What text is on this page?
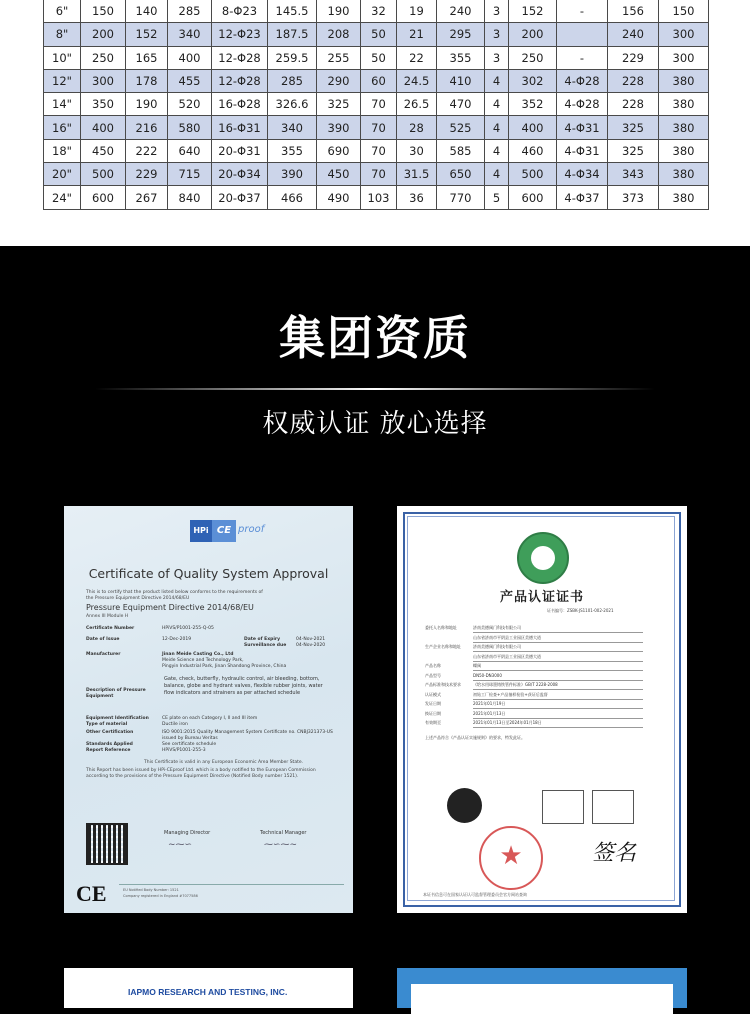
6"	150	140	285	8-Φ23	145.5	190	32	19	240	3	152	-	156	150
8"	200	152	340	12-Φ23	187.5	208	50	21	295	3	200		240	300
10"	250	165	400	12-Φ28	259.5	255	50	22	355	3	250	-	229	300
12"	300	178	455	12-Φ28	285	290	60	24.5	410	4	302	4-Φ28	228	380
14"	350	190	520	16-Φ28	326.6	325	70	26.5	470	4	352	4-Φ28	228	380
16"	400	216	580	16-Φ31	340	390	70	28	525	4	400	4-Φ31	325	380
18"	450	222	640	20-Φ31	355	690	70	30	585	4	460	4-Φ31	325	380
20"	500	229	715	20-Φ34	390	450	70	31.5	650	4	500	4-Φ34	343	380
24"	600	267	840	20-Φ37	466	490	103	36	770	5	600	4-Φ37	373	380
集团资质
权威认证 放心选择
HPi CE proof
Certificate of Quality System Approval
This is to certify that the product listed below conforms to the requirements of
the Pressure Equipment Directive 2014/68/EU
Pressure Equipment Directive 2014/68/EU
Annex III Module H
Certificate Number	HPiVS/P1001-255-Q-05
Date of Issue	12-Dec-2019	Date of Expiry	04-Nov-2021
Surveillance due 04-Nov-2020
Manufacturer	Jinan Meide Casting Co., Ltd
Meide Science and Technology Park,
Pingyin Industrial Park, Jinan Shandong Province, China
Description of Pressure Equipment
Gate, check, butterfly, hydraulic control, air bleeding, bottom, balance, globe and hydrant valves, flexible rubber joints, water flow indicators and strainers as per attached schedule
Equipment Identification	CE plate on each Category I, II and III item
Type of material	Ductile iron
Other Certification	ISO 9001:2015 Quality Management System Certificate no. CNBJ321373-US issued by Bureau Veritas
Standards Applied	See certificate schedule
Report Reference	HPiVS/P1001-255-3
This Certificate is valid in any European Economic Area Member State.
This Report has been issued by HPi-CEproof Ltd. which is a body notified to the European Commission according to the provisions of the Pressure Equipment Directive (Notified Body number 1521).
Managing Director	Technical Manager
~⁓∽	⁓∽⁓~
CE	EU Notified Body Number: 1521
Company registered in England #7077586
产品认证证书
证书编号：ZSBK-JS1101-002-2021
委托人名称和地址	济南美德阀门科技有限公司
山东省济南市平阴县工业园区美德大道
生产企业名称和地址	济南美德阀门科技有限公司
山东省济南市平阴县工业园区美德大道
产品名称	蝶阀
产品型号	DN50-DN3000
产品标准和技术要求	《给水用球墨铸铁管件标准》GB/T 2228-2008
认证模式	初始工厂检查+产品抽样检验+获证后监督
发证日期	2021年01月19日
换证日期	2021年01月13日
有效期至	2021年01月13日至2024年01月18日
上述产品符合《产品认证实施规则》的要求，特发此证。
★	签名
本证书信息可在国家认证认可监督管理委员会官方网站查询
IAPMO RESEARCH AND TESTING, INC.
